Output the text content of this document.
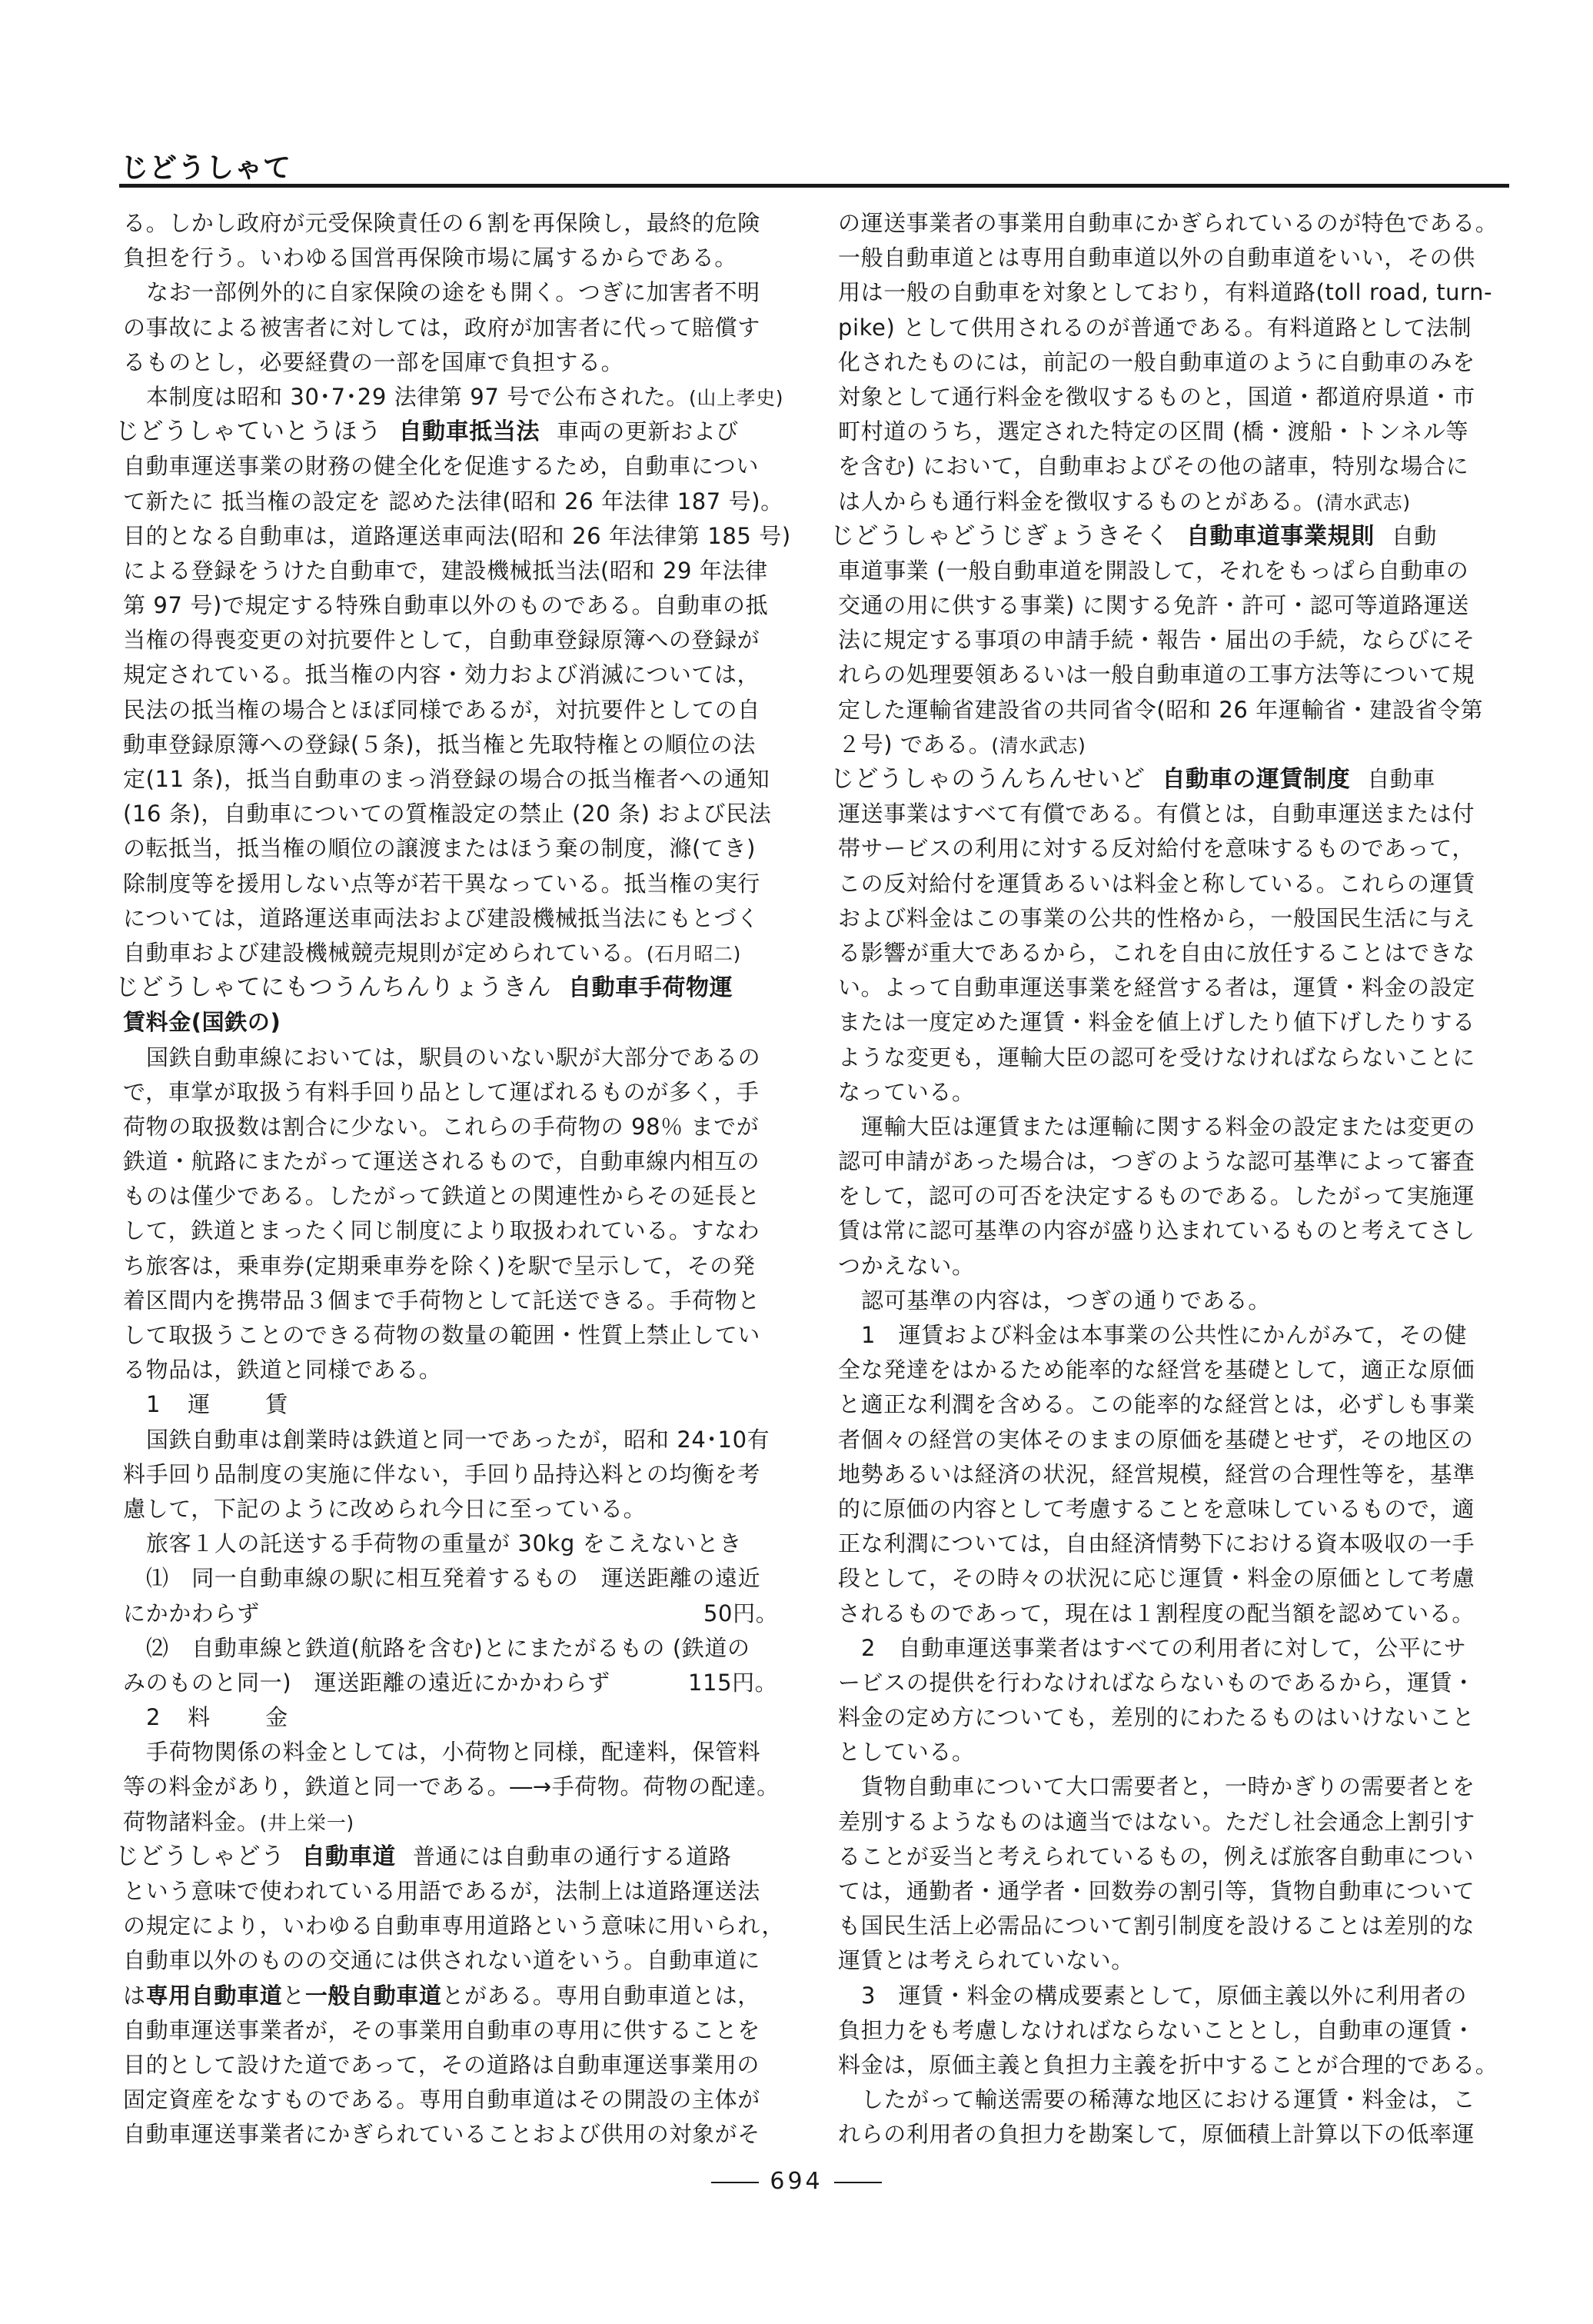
じどうしゃて
る。しかし政府が元受保険責任の６割を再保険し，最終的危険
負担を行う。いわゆる国営再保険市場に属するからである。
なお一部例外的に自家保険の途をも開く。つぎに加害者不明
の事故による被害者に対しては，政府が加害者に代って賠償す
るものとし，必要経費の一部を国庫で負担する。
本制度は昭和 30･7･29 法律第 97 号で公布された。(山上孝史)
じどうしゃていとうほう 自動車抵当法 車両の更新および
自動車運送事業の財務の健全化を促進するため，自動車につい
て新たに 抵当権の設定を 認めた法律(昭和 26 年法律 187 号)。
目的となる自動車は，道路運送車両法(昭和 26 年法律第 185 号)
による登録をうけた自動車で，建設機械抵当法(昭和 29 年法律
第 97 号)で規定する特殊自動車以外のものである。自動車の抵
当権の得喪変更の対抗要件として，自動車登録原簿への登録が
規定されている。抵当権の内容・効力および消滅については，
民法の抵当権の場合とほぼ同様であるが，対抗要件としての自
動車登録原簿への登録(５条)，抵当権と先取特権との順位の法
定(11 条)，抵当自動車のまっ消登録の場合の抵当権者への通知
(16 条)，自動車についての質権設定の禁止 (20 条) および民法
の転抵当，抵当権の順位の譲渡またはほう棄の制度，滌(てき)
除制度等を援用しない点等が若干異なっている。抵当権の実行
については，道路運送車両法および建設機械抵当法にもとづく
自動車および建設機械競売規則が定められている。(石月昭二)
じどうしゃてにもつうんちんりょうきん 自動車手荷物運
賃料金(国鉄の)
国鉄自動車線においては，駅員のいない駅が大部分であるの
で，車掌が取扱う有料手回り品として運ばれるものが多く，手
荷物の取扱数は割合に少ない。これらの手荷物の 98％ までが
鉄道・航路にまたがって運送されるもので，自動車線内相互の
ものは僅少である。したがって鉄道との関連性からその延長と
して，鉄道とまったく同じ制度により取扱われている。すなわ
ち旅客は，乗車券(定期乗車券を除く)を駅で呈示して，その発
着区間内を携帯品３個まで手荷物として託送できる。手荷物と
して取扱うことのできる荷物の数量の範囲・性質上禁止してい
る物品は，鉄道と同様である。
1 運 賃
国鉄自動車は創業時は鉄道と同一であったが，昭和 24･10有
料手回り品制度の実施に伴ない，手回り品持込料との均衡を考
慮して，下記のように改められ今日に至っている。
旅客１人の託送する手荷物の重量が 30kg をこえないとき
⑴　同一自動車線の駅に相互発着するもの　運送距離の遠近
にかかわらず	50円。
⑵　自動車線と鉄道(航路を含む)とにまたがるもの (鉄道の
みのものと同一)　運送距離の遠近にかかわらず	115円。
2 料 金
手荷物関係の料金としては，小荷物と同様，配達料，保管料
等の料金があり，鉄道と同一である。―→手荷物。荷物の配達。
荷物諸料金。(井上栄一)
じどうしゃどう 自動車道 普通には自動車の通行する道路
という意味で使われている用語であるが，法制上は道路運送法
の規定により，いわゆる自動車専用道路という意味に用いられ，
自動車以外のものの交通には供されない道をいう。自動車道に
は専用自動車道と一般自動車道とがある。専用自動車道とは，
自動車運送事業者が，その事業用自動車の専用に供することを
目的として設けた道であって，その道路は自動車運送事業用の
固定資産をなすものである。専用自動車道はその開設の主体が
自動車運送事業者にかぎられていることおよび供用の対象がそ
の運送事業者の事業用自動車にかぎられているのが特色である。
一般自動車道とは専用自動車道以外の自動車道をいい，その供
用は一般の自動車を対象としており，有料道路(toll road, turn-
pike) として供用されるのが普通である。有料道路として法制
化されたものには，前記の一般自動車道のように自動車のみを
対象として通行料金を徴収するものと，国道・都道府県道・市
町村道のうち，選定された特定の区間 (橋・渡船・トンネル等
を含む) において，自動車およびその他の諸車，特別な場合に
は人からも通行料金を徴収するものとがある。(清水武志)
じどうしゃどうじぎょうきそく 自動車道事業規則 自動
車道事業 (一般自動車道を開設して，それをもっぱら自動車の
交通の用に供する事業) に関する免許・許可・認可等道路運送
法に規定する事項の申請手続・報告・届出の手続，ならびにそ
れらの処理要領あるいは一般自動車道の工事方法等について規
定した運輸省建設省の共同省令(昭和 26 年運輸省・建設省令第
２号) である。(清水武志)
じどうしゃのうんちんせいど 自動車の運賃制度 自動車
運送事業はすべて有償である。有償とは，自動車運送または付
帯サービスの利用に対する反対給付を意味するものであって，
この反対給付を運賃あるいは料金と称している。これらの運賃
および料金はこの事業の公共的性格から，一般国民生活に与え
る影響が重大であるから，これを自由に放任することはできな
い。よって自動車運送事業を経営する者は，運賃・料金の設定
または一度定めた運賃・料金を値上げしたり値下げしたりする
ような変更も，運輸大臣の認可を受けなければならないことに
なっている。
運輸大臣は運賃または運輸に関する料金の設定または変更の
認可申請があった場合は，つぎのような認可基準によって審査
をして，認可の可否を決定するものである。したがって実施運
賃は常に認可基準の内容が盛り込まれているものと考えてさし
つかえない。
認可基準の内容は，つぎの通りである。
1　運賃および料金は本事業の公共性にかんがみて，その健
全な発達をはかるため能率的な経営を基礎として，適正な原価
と適正な利潤を含める。この能率的な経営とは，必ずしも事業
者個々の経営の実体そのままの原価を基礎とせず，その地区の
地勢あるいは経済の状況，経営規模，経営の合理性等を，基準
的に原価の内容として考慮することを意味しているもので，適
正な利潤については，自由経済情勢下における資本吸収の一手
段として，その時々の状況に応じ運賃・料金の原価として考慮
されるものであって，現在は１割程度の配当額を認めている。
2　自動車運送事業者はすべての利用者に対して，公平にサ
ービスの提供を行わなければならないものであるから，運賃・
料金の定め方についても，差別的にわたるものはいけないこと
としている。
貨物自動車について大口需要者と，一時かぎりの需要者とを
差別するようなものは適当ではない。ただし社会通念上割引す
ることが妥当と考えられているもの，例えば旅客自動車につい
ては，通勤者・通学者・回数券の割引等，貨物自動車について
も国民生活上必需品について割引制度を設けることは差別的な
運賃とは考えられていない。
3　運賃・料金の構成要素として，原価主義以外に利用者の
負担力をも考慮しなければならないこととし，自動車の運賃・
料金は，原価主義と負担力主義を折中することが合理的である。
したがって輸送需要の稀薄な地区における運賃・料金は，こ
れらの利用者の負担力を勘案して，原価積上計算以下の低率運
694
